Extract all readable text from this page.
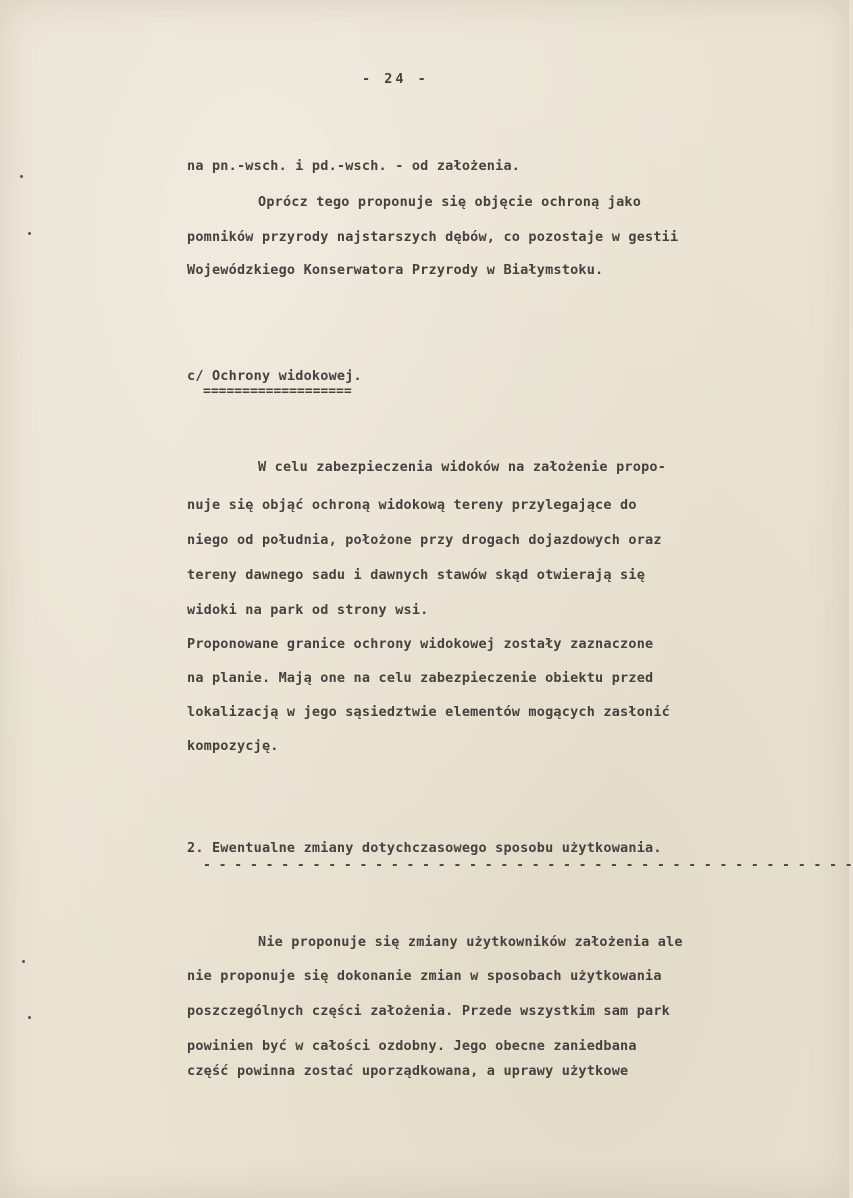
- 24 -
na pn.-wsch. i pd.-wsch. - od założenia.
Oprócz tego proponuje się objęcie ochroną jako
pomników przyrody najstarszych dębów, co pozostaje w gestii
Wojewódzkiego Konserwatora Przyrody w Białymstoku.
c/ Ochrony widokowej.
===================
W celu zabezpieczenia widoków na założenie propo-
nuje się objąć ochroną widokową tereny przylegające do
niego od południa, położone przy drogach dojazdowych oraz
tereny dawnego sadu i dawnych stawów skąd otwierają się
widoki na park od strony wsi.
Proponowane granice ochrony widokowej zostały zaznaczone
na planie. Mają one na celu zabezpieczenie obiektu przed
lokalizacją w jego sąsiedztwie elementów mogących zasłonić
kompozycję.
2. Ewentualne zmiany dotychczasowego sposobu użytkowania.
- - - - - - - - - - - - - - - - - - - - - - - - - - - - - - - - - - - - - - - - - -
Nie proponuje się zmiany użytkowników założenia ale
nie proponuje się dokonanie zmian w sposobach użytkowania
poszczególnych części założenia. Przede wszystkim sam park
powinien być w całości ozdobny. Jego obecne zaniedbana
część powinna zostać uporządkowana, a uprawy użytkowe
